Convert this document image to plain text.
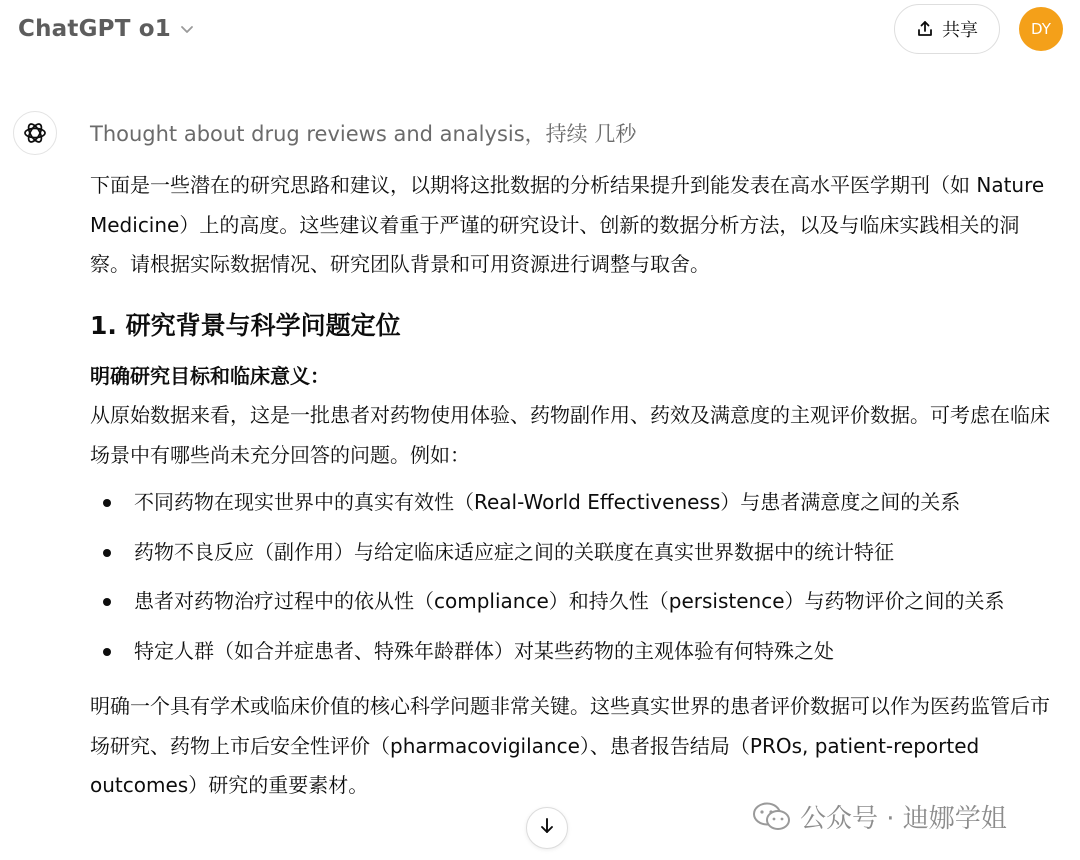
ChatGPT o1	共享	DY
Thought about drug reviews and analysis，持续 几秒

下面是一些潜在的研究思路和建议，以期将这批数据的分析结果提升到能发表在高水平医学期刊（如 Nature Medicine）上的高度。这些建议着重于严谨的研究设计、创新的数据分析方法，以及与临床实践相关的洞察。请根据实际数据情况、研究团队背景和可用资源进行调整与取舍。

1. 研究背景与科学问题定位

明确研究目标和临床意义：

从原始数据来看，这是一批患者对药物使用体验、药物副作用、药效及满意度的主观评价数据。可考虑在临床场景中有哪些尚未充分回答的问题。例如：

不同药物在现实世界中的真实有效性（Real-World Effectiveness）与患者满意度之间的关系
药物不良反应（副作用）与给定临床适应症之间的关联度在真实世界数据中的统计特征
患者对药物治疗过程中的依从性（compliance）和持久性（persistence）与药物评价之间的关系
特定人群（如合并症患者、特殊年龄群体）对某些药物的主观体验有何特殊之处

明确一个具有学术或临床价值的核心科学问题非常关键。这些真实世界的患者评价数据可以作为医药监管后市场研究、药物上市后安全性评价（pharmacovigilance）、患者报告结局（PROs, patient-reported outcomes）研究的重要素材。

公众号 · 迪娜学姐
